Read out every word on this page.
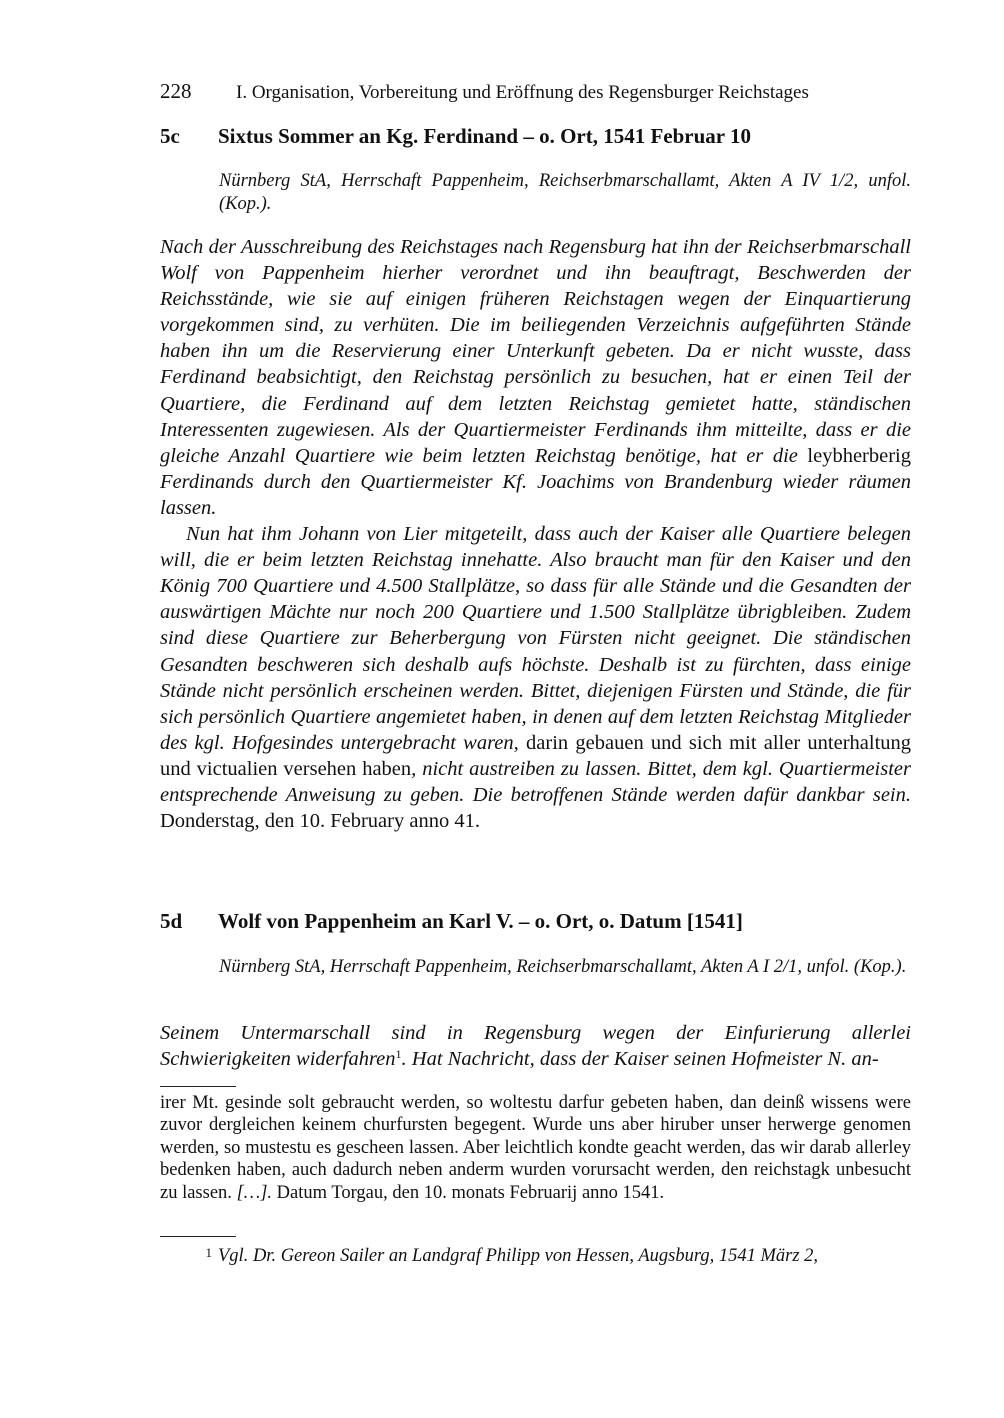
228 I. Organisation, Vorbereitung und Eröffnung des Regensburger Reichstages
5c Sixtus Sommer an Kg. Ferdinand – o. Ort, 1541 Februar 10
Nürnberg StA, Herrschaft Pappenheim, Reichserbmarschallamt, Akten A IV 1/2, unfol. (Kop.).

Nach der Ausschreibung des Reichstages nach Regensburg hat ihn der Reichserbmarschall Wolf von Pappenheim hierher verordnet und ihn beauftragt, Beschwerden der Reichsstände, wie sie auf einigen früheren Reichstagen wegen der Einquartierung vorgekommen sind, zu verhüten. Die im beiliegenden Verzeichnis aufgeführten Stände haben ihn um die Reservierung einer Unterkunft gebeten. Da er nicht wusste, dass Ferdinand beabsichtigt, den Reichstag persönlich zu besuchen, hat er einen Teil der Quartiere, die Ferdinand auf dem letzten Reichstag gemietet hatte, ständischen Interessenten zugewiesen. Als der Quartiermeister Ferdinands ihm mitteilte, dass er die gleiche Anzahl Quartiere wie beim letzten Reichstag benötige, hat er die leybherberig Ferdinands durch den Quartiermeister Kf. Joachims von Brandenburg wieder räumen lassen.

Nun hat ihm Johann von Lier mitgeteilt, dass auch der Kaiser alle Quartiere belegen will, die er beim letzten Reichstag innehatte. Also braucht man für den Kaiser und den König 700 Quartiere und 4.500 Stallplätze, so dass für alle Stände und die Gesandten der auswärtigen Mächte nur noch 200 Quartiere und 1.500 Stallplätze übrigbleiben. Zudem sind diese Quartiere zur Beherbergung von Fürsten nicht geeignet. Die ständischen Gesandten beschweren sich deshalb aufs höchste. Deshalb ist zu fürchten, dass einige Stände nicht persönlich erscheinen werden. Bittet, diejenigen Fürsten und Stände, die für sich persönlich Quartiere angemietet haben, in denen auf dem letzten Reichstag Mitglieder des kgl. Hofgesindes untergebracht waren, darin gebauen und sich mit aller unterhaltung und victualien versehen haben, nicht austreiben zu lassen. Bittet, dem kgl. Quartiermeister entsprechende Anweisung zu geben. Die betroffenen Stände werden dafür dankbar sein. Donderstag, den 10. February anno 41.

5d Wolf von Pappenheim an Karl V. – o. Ort, o. Datum [1541]
Nürnberg StA, Herrschaft Pappenheim, Reichserbmarschallamt, Akten A I 2/1, unfol. (Kop.).

Seinem Untermarschall sind in Regensburg wegen der Einfurierung allerlei Schwierigkeiten widerfahren$^1$. Hat Nachricht, dass der Kaiser seinen Hofmeister N. an-

irer Mt. gesinde solt gebraucht werden, so woltestu darfur gebeten haben, dan deinß wissens were zuvor dergleichen keinem churfursten begegent. Wurde uns aber hiruber unser herwerge genomen werden, so mustestu es gescheen lassen. Aber leichtlich kondte geacht werden, das wir darab allerley bedenken haben, auch dadurch neben anderm wurden vorursacht werden, den reichstagk unbesucht zu lassen. […]. Datum Torgau, den 10. monats Februarij anno 1541.
1 Vgl. Dr. Gereon Sailer an Landgraf Philipp von Hessen, Augsburg, 1541 März 2,
